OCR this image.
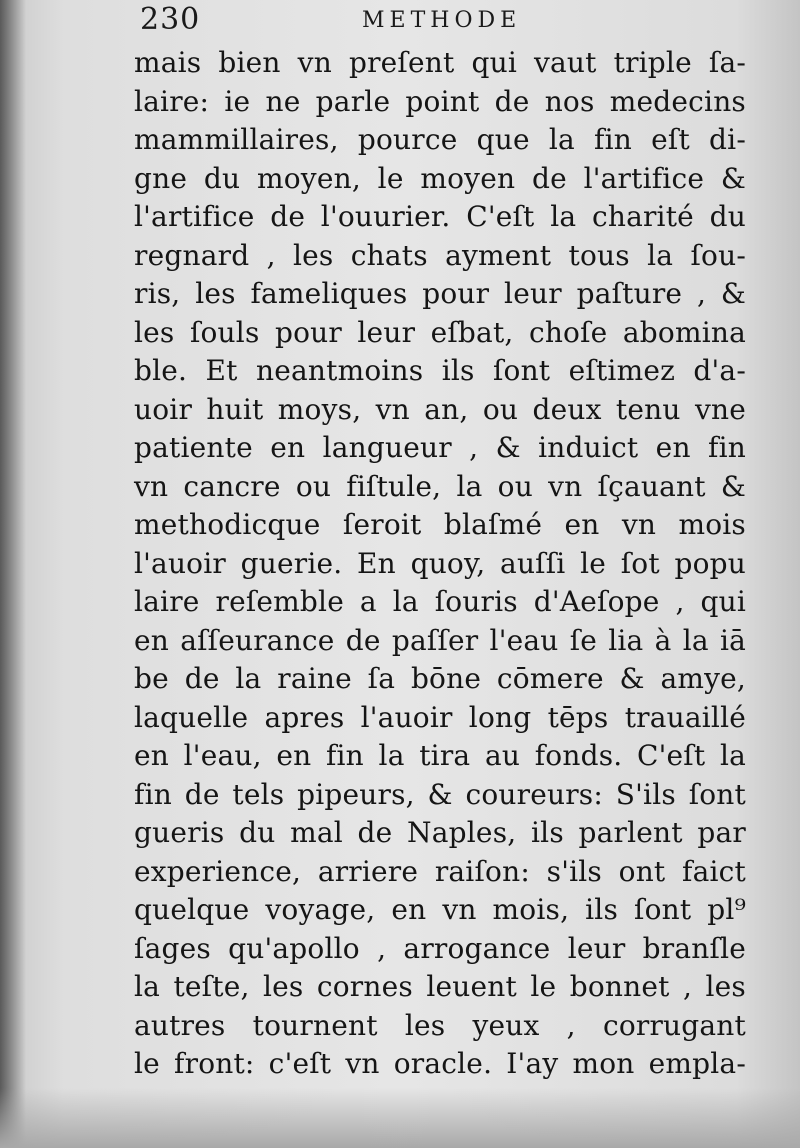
230	METHODE
mais bien vn preſent qui vaut triple ſa-
laire: ie ne parle point de nos medecins
mammillaires, pource que la fin eſt di-
gne du moyen, le moyen de l'artifice &
l'artifice de l'ouurier. C'eſt la charité du
regnard , les chats ayment tous la ſou-
ris, les fameliques pour leur paſture , &
les ſouls pour leur eſbat, choſe abomina
ble. Et neantmoins ils ſont eſtimez d'a-
uoir huit moys, vn an, ou deux tenu vne
patiente en langueur , & induict en fin
vn cancre ou fiſtule, la ou vn ſçauant &
methodicque ſeroit blaſmé en vn mois
l'auoir guerie. En quoy, auſſi le ſot popu
laire reſemble a la ſouris d'Aeſope , qui
en aſſeurance de paſſer l'eau ſe lia à la iā
be de la raine ſa bōne cōmere & amye,
laquelle apres l'auoir long tēps trauaillé
en l'eau, en fin la tira au fonds. C'eſt la
fin de tels pipeurs, & coureurs: S'ils ſont
gueris du mal de Naples, ils parlent par
experience, arriere raiſon: s'ils ont faict
quelque voyage, en vn mois, ils ſont pl⁹
ſages qu'apollo , arrogance leur branſle
la teſte, les cornes leuent le bonnet , les
autres tournent les yeux , corrugant
le front: c'eſt vn oracle. I'ay mon empla-
